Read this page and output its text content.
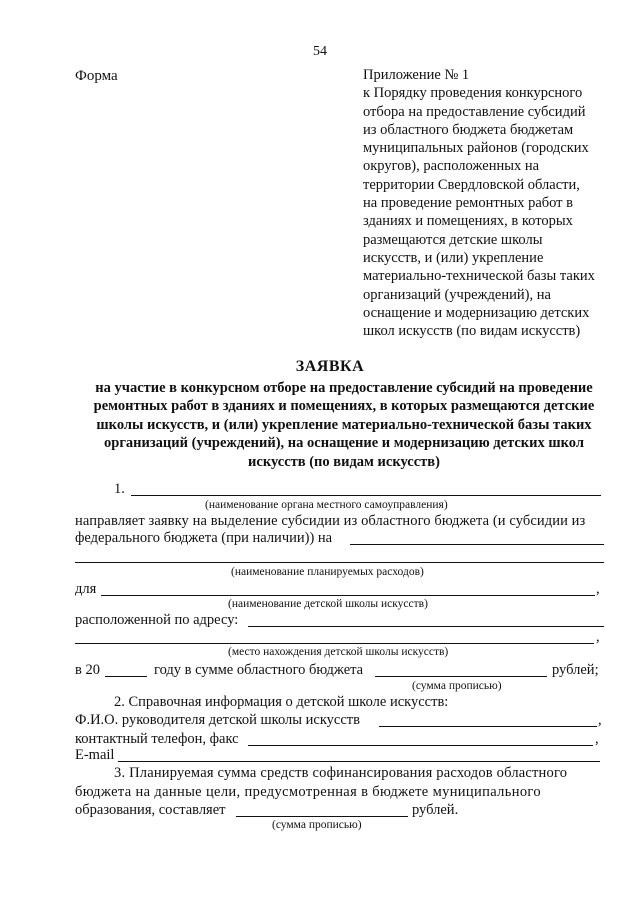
54
Форма	Приложение № 1
к Порядку проведения конкурсного
отбора на предоставление субсидий
из областного бюджета бюджетам
муниципальных районов (городских
округов), расположенных на
территории Свердловской области,
на проведение ремонтных работ в
зданиях и помещениях, в которых
размещаются детские школы
искусств, и (или) укрепление
материально-технической базы таких
организаций (учреждений), на
оснащение и модернизацию детских
школ искусств (по видам искусств)
ЗАЯВКА
на участие в конкурсном отборе на предоставление субсидий на проведение
ремонтных работ в зданиях и помещениях, в которых размещаются детские
школы искусств, и (или) укрепление материально-технической базы таких
организаций (учреждений), на оснащение и модернизацию детских школ
искусств (по видам искусств)
1.
(наименование органа местного самоуправления)
направляет заявку на выделение субсидии из областного бюджета (и субсидии из
федерального бюджета (при наличии)) на
(наименование планируемых расходов)
для	,
(наименование детской школы искусств)
расположенной по адресу:
,
(место нахождения детской школы искусств)
в 20	году в сумме областного бюджета	рублей;
(сумма прописью)
2. Справочная информация о детской школе искусств:
Ф.И.О. руководителя детской школы искусств	,
контактный телефон, факс	,
E-mail
3. Планируемая сумма средств софинансирования расходов областного
бюджета на данные цели, предусмотренная в бюджете муниципального
образования, составляет	рублей.
(сумма прописью)
